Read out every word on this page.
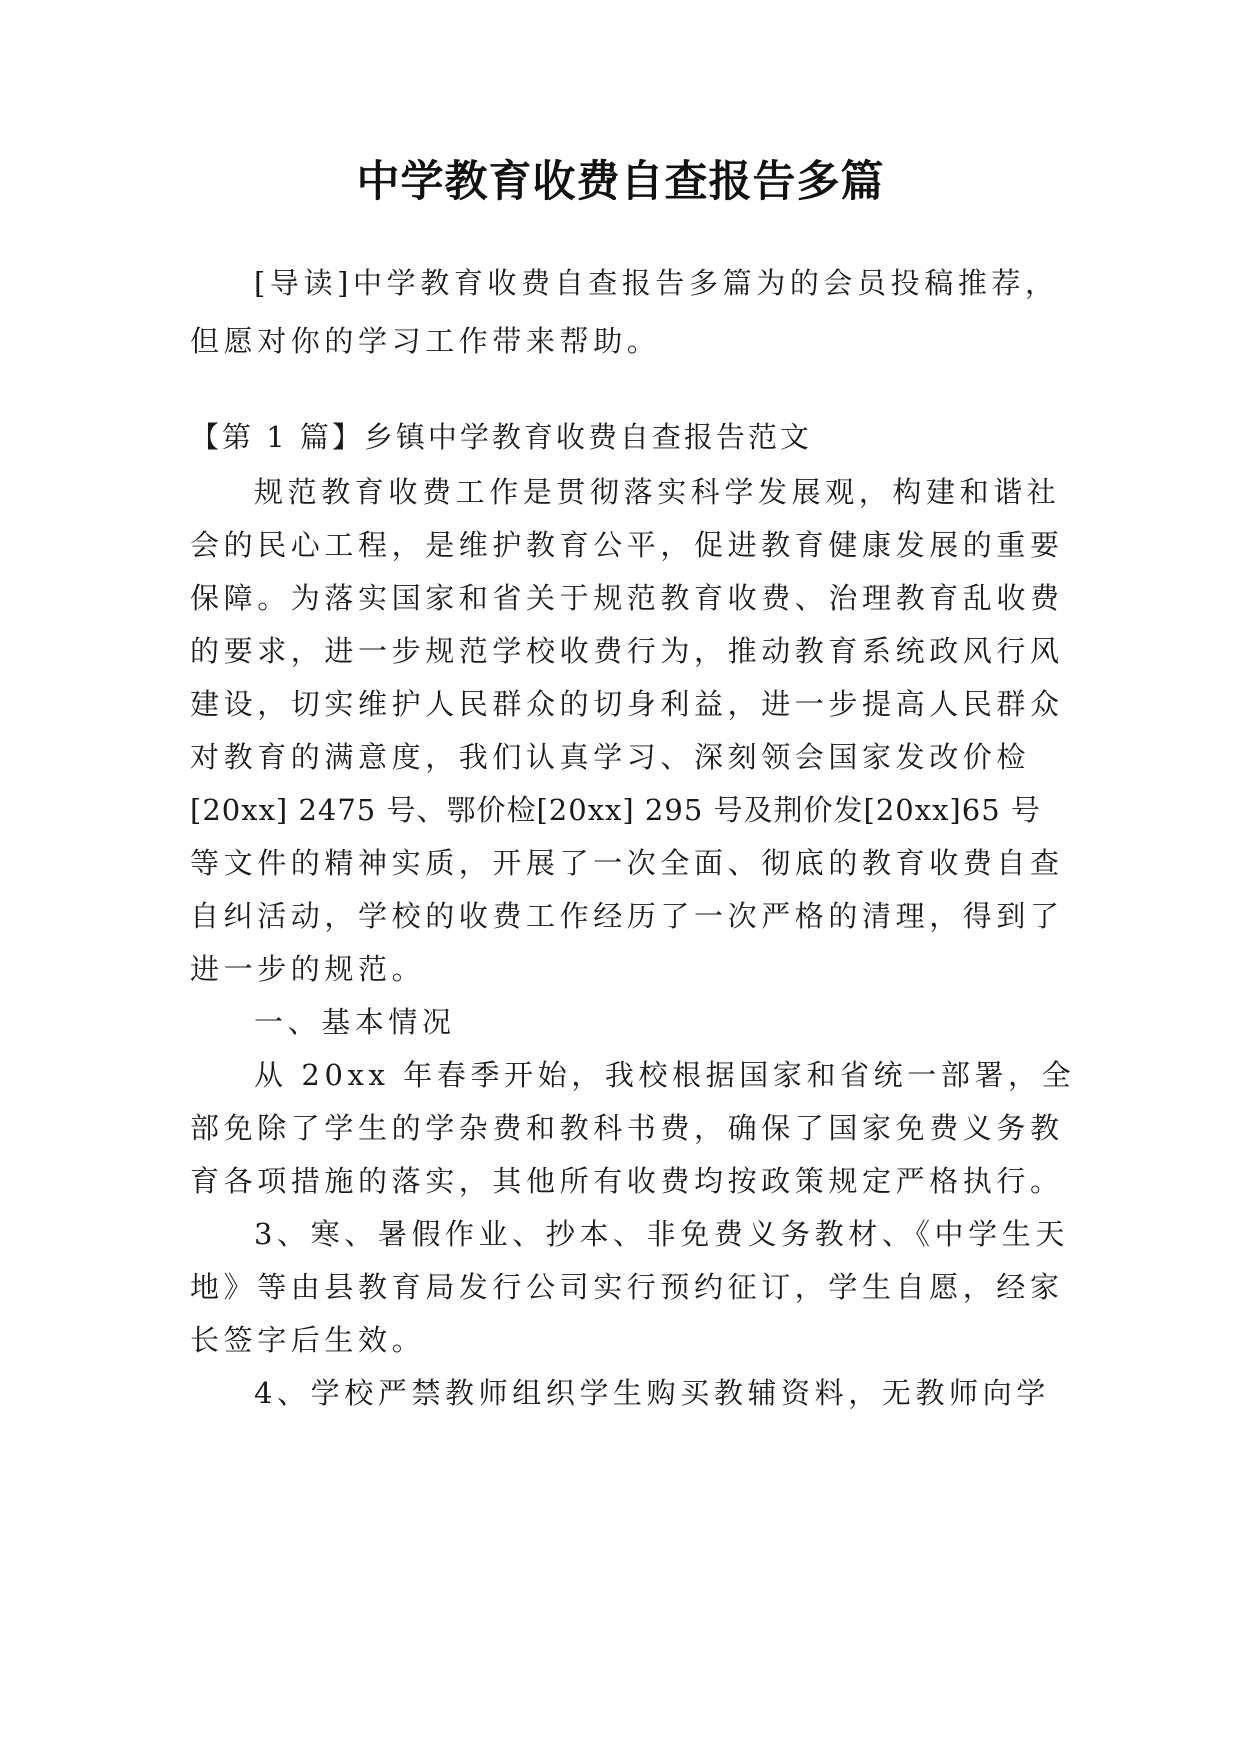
中学教育收费自查报告多篇
[导读]中学教育收费自查报告多篇为的会员投稿推荐，
但愿对你的学习工作带来帮助。
【第 1 篇】乡镇中学教育收费自查报告范文
规范教育收费工作是贯彻落实科学发展观，构建和谐社
会的民心工程，是维护教育公平，促进教育健康发展的重要
保障。为落实国家和省关于规范教育收费、治理教育乱收费
的要求，进一步规范学校收费行为，推动教育系统政风行风
建设，切实维护人民群众的切身利益，进一步提高人民群众
对教育的满意度，我们认真学习、深刻领会国家发改价检
[20xx] 2475 号、鄂价检[20xx] 295 号及荆价发[20xx]65 号
等文件的精神实质，开展了一次全面、彻底的教育收费自查
自纠活动，学校的收费工作经历了一次严格的清理，得到了
进一步的规范。
一、基本情况
从 20xx 年春季开始，我校根据国家和省统一部署，全
部免除了学生的学杂费和教科书费，确保了国家免费义务教
育各项措施的落实，其他所有收费均按政策规定严格执行。
3、寒、暑假作业、抄本、非免费义务教材、《中学生天
地》等由县教育局发行公司实行预约征订，学生自愿，经家
长签字后生效。
4、学校严禁教师组织学生购买教辅资料，无教师向学
